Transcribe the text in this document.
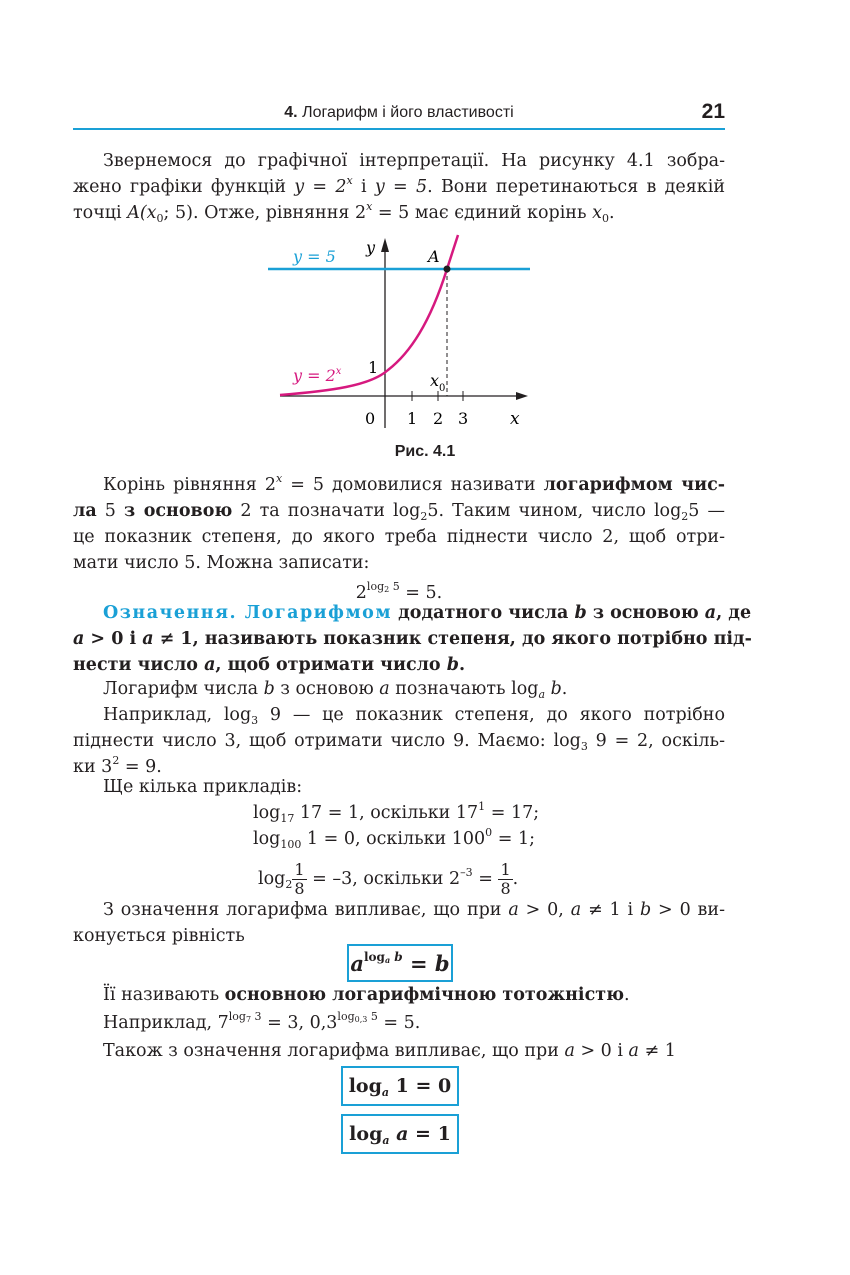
4. Логарифм і його властивості	21
Звернемося до графічної інтерпретації. На рисунку 4.1 зобра-
жено графіки функцій $y = 2^x$ і y = 5. Вони перетинаються в деякій
точці $A(x_0$; 5). Отже, рівняння $2^x = 5$ має єдиний корінь $x_0$.
y = 5
$y = 2^x$
y
x
A
1
0 1 2 3
$x_0$
Рис. 4.1
Корінь рівняння $2^x = 5$ домовилися називати логарифмом чис-
ла 5 з основою 2 та позначати $\log_25$. Таким чином, число $\log_25$ —
це показник степеня, до якого треба піднести число 2, щоб отри-
мати число 5. Можна записати:
$2^{log2 5} = 5$.
Означення. Логарифмом додатного числа b з основою a, де
a > 0 і a ≠ 1, називають показник степеня, до якого потрібно під-
нести число a, щоб отримати число b.
Логарифм числа b з основою a позначають $\log_a b$.
Наприклад, $\log_3 9$ — це показник степеня, до якого потрібно
піднести число 3, щоб отримати число 9. Маємо: $\log_3 9 = 2$, оскіль-
ки $3^2 = 9$.
Ще кілька прикладів:
$\log_{17} 17 = 1$, оскільки $17^1 = 17$;
$\log_{100} 1 = 0$, оскільки $100^0 = 1$;
$\log_2 \frac{1}{8} = -3$, оскільки $2^{-3} = \frac{1}{8}$ .
З означення логарифма випливає, що при a > 0, a ≠ 1 і b > 0 ви-
конується рівність
$a^{loga b} = b$
Її називають основною логарифмічною тотожністю.
Наприклад, $7^{log7 3} = 3$, $0,3^{log0,3 5} = 5$.
Також з означення логарифма випливає, що при a > 0 і a ≠ 1
$\log_a 1 = 0$
$\log_a a = 1$
